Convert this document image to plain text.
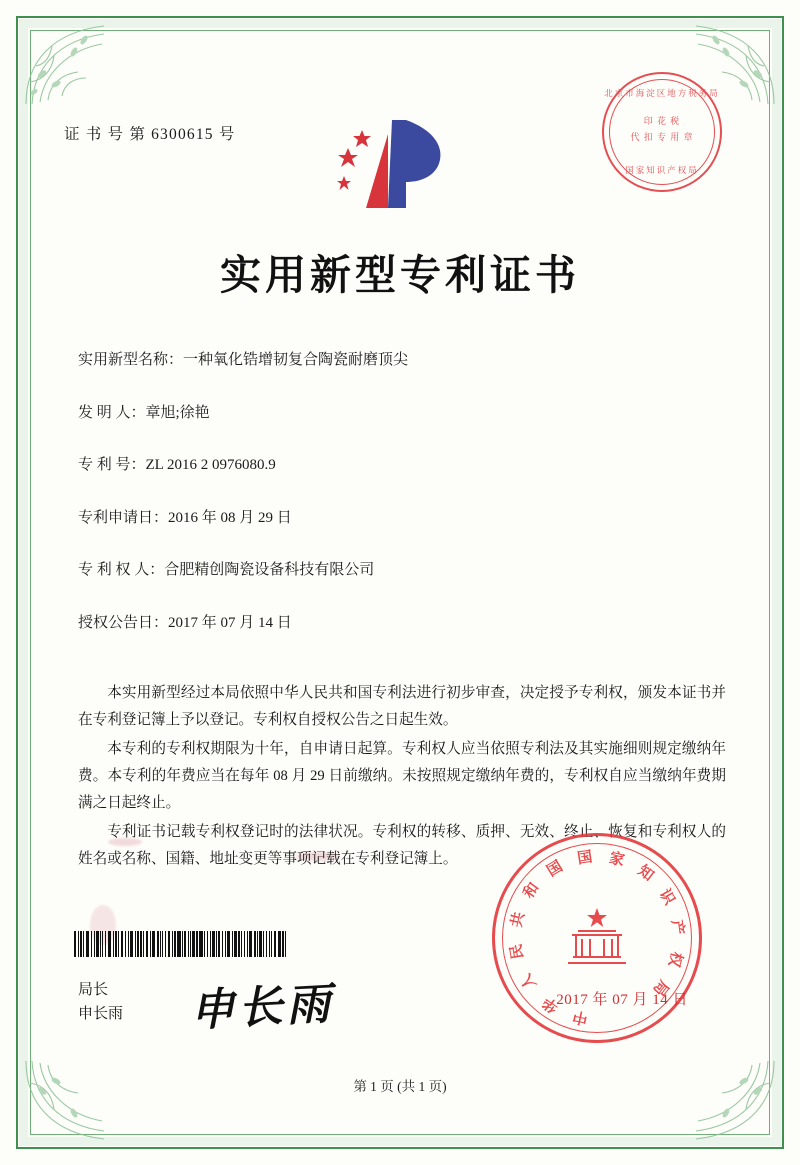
证 书 号 第 6300615 号
北京市海淀区地方税务局
印 花 税
代 扣 专 用 章
国家知识产权局
实用新型专利证书
实用新型名称： 一种氧化锆增韧复合陶瓷耐磨顶尖
发 明 人： 章旭;徐艳
专 利 号： ZL 2016 2 0976080.9
专利申请日： 2016 年 08 月 29 日
专 利 权 人： 合肥精创陶瓷设备科技有限公司
授权公告日： 2017 年 07 月 14 日

本实用新型经过本局依照中华人民共和国专利法进行初步审查，决定授予专利权，颁发本证书并在专利登记簿上予以登记。专利权自授权公告之日起生效。

本专利的专利权期限为十年，自申请日起算。专利权人应当依照专利法及其实施细则规定缴纳年费。本专利的年费应当在每年 08 月 29 日前缴纳。未按照规定缴纳年费的，专利权自应当缴纳年费期满之日起终止。

专利证书记载专利权登记时的法律状况。专利权的转移、质押、无效、终止、恢复和专利权人的姓名或名称、国籍、地址变更等事项记载在专利登记簿上。

局长
申长雨 申长雨	中
华
人
民
共
和
国
国 家
知
识
产
权
局
2017 年 07 月 14 日
第 1 页 (共 1 页)
